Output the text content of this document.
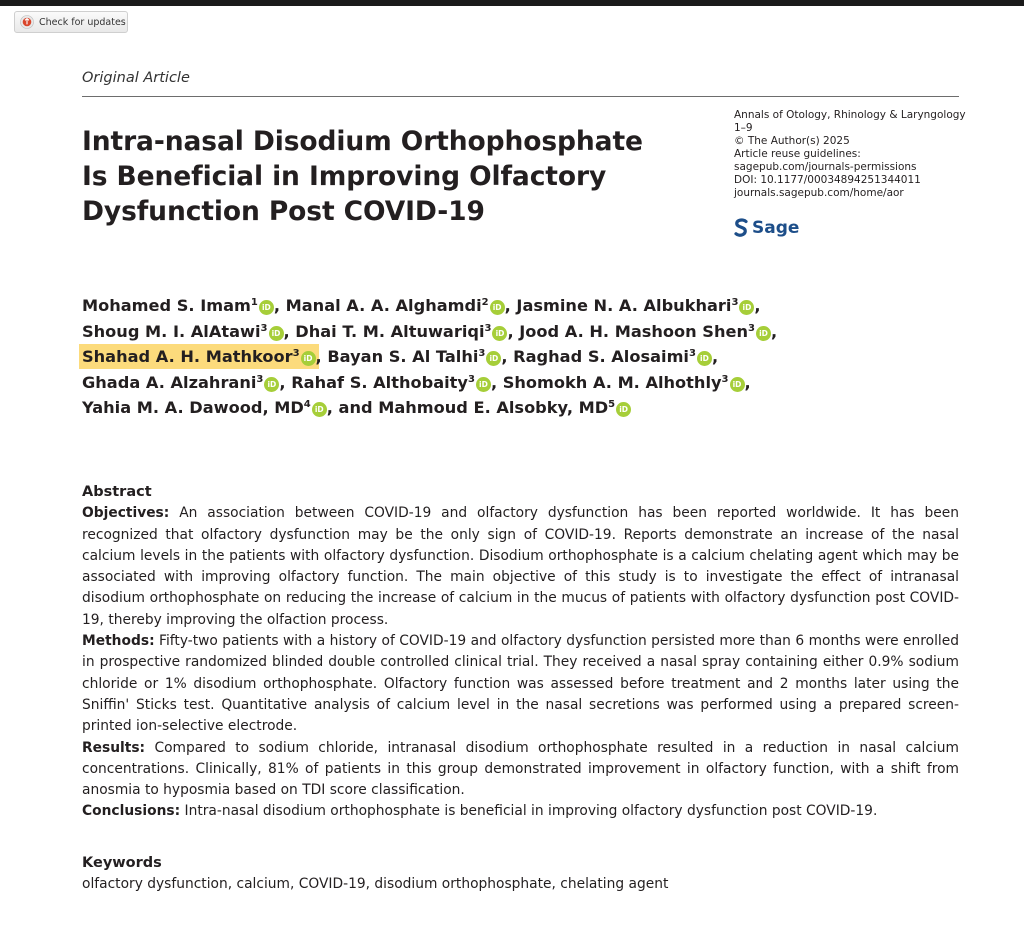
Check for updates
Original Article
Intra-nasal Disodium Orthophosphate
Is Beneficial in Improving Olfactory
Dysfunction Post COVID-19
Annals of Otology, Rhinology & Laryngology
1–9
© The Author(s) 2025
Article reuse guidelines:
sagepub.com/journals-permissions
DOI: 10.1177/00034894251344011
journals.sagepub.com/home/aor
Sage
Mohamed S. Imam$^1$ iD , Manal A. A. Alghamdi$^2$ iD , Jasmine N. A. Albukhari$^3$ iD ,
Shoug M. I. AlAtawi$^3$ iD , Dhai T. M. Altuwariqi$^3$ iD , Jood A. H. Mashoon Shen$^3$ iD ,
Shahad A. H. Mathkoor$^3$ iD , Bayan S. Al Talhi$^3$ iD , Raghad S. Alosaimi$^3$ iD ,
Ghada A. Alzahrani$^3$ iD , Rahaf S. Althobaity$^3$ iD , Shomokh A. M. Alhothly$^3$ iD ,
Yahia M. A. Dawood, $MD^4$ iD , and Mahmoud E. Alsobky, $MD^5$ iD
Abstract
Objectives: An association between COVID-19 and olfactory dysfunction has been reported worldwide. It has been recognized that olfactory dysfunction may be the only sign of COVID-19. Reports demonstrate an increase of the nasal calcium levels in the patients with olfactory dysfunction. Disodium orthophosphate is a calcium chelating agent which may be associated with improving olfactory function. The main objective of this study is to investigate the effect of intranasal disodium orthophosphate on reducing the increase of calcium in the mucus of patients with olfactory dysfunction post COVID-19, thereby improving the olfaction process.
Methods: Fifty-two patients with a history of COVID-19 and olfactory dysfunction persisted more than 6 months were enrolled in prospective randomized blinded double controlled clinical trial. They received a nasal spray containing either 0.9% sodium chloride or 1% disodium orthophosphate. Olfactory function was assessed before treatment and 2 months later using the Sniffin' Sticks test. Quantitative analysis of calcium level in the nasal secretions was performed using a prepared screen-printed ion-selective electrode.
Results: Compared to sodium chloride, intranasal disodium orthophosphate resulted in a reduction in nasal calcium concentrations. Clinically, 81% of patients in this group demonstrated improvement in olfactory function, with a shift from anosmia to hyposmia based on TDI score classification.
Conclusions: Intra-nasal disodium orthophosphate is beneficial in improving olfactory dysfunction post COVID-19.
Keywords
olfactory dysfunction, calcium, COVID-19, disodium orthophosphate, chelating agent
